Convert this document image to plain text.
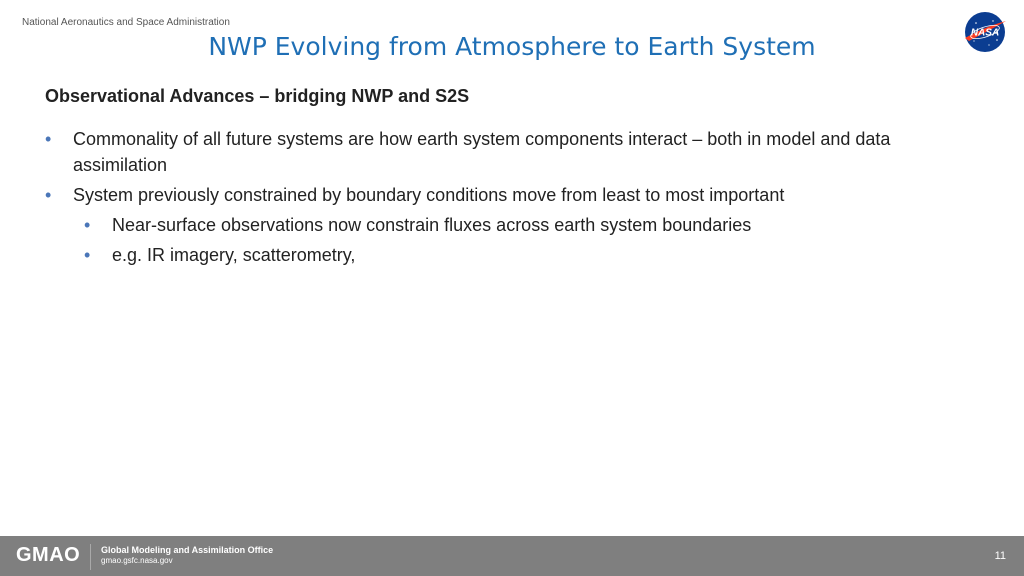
National Aeronautics and Space Administration
NWP Evolving from Atmosphere to Earth System	NASA
Observational Advances – bridging NWP and S2S
• Commonality of all future systems are how earth system components interact – both in model and data assimilation
• System previously constrained by boundary conditions move from least to most important
• Near-surface observations now constrain fluxes across earth system boundaries
• e.g. IR imagery, scatterometry,
GMAO Global Modeling and Assimilation Office
gmao.gsfc.nasa.gov	11
